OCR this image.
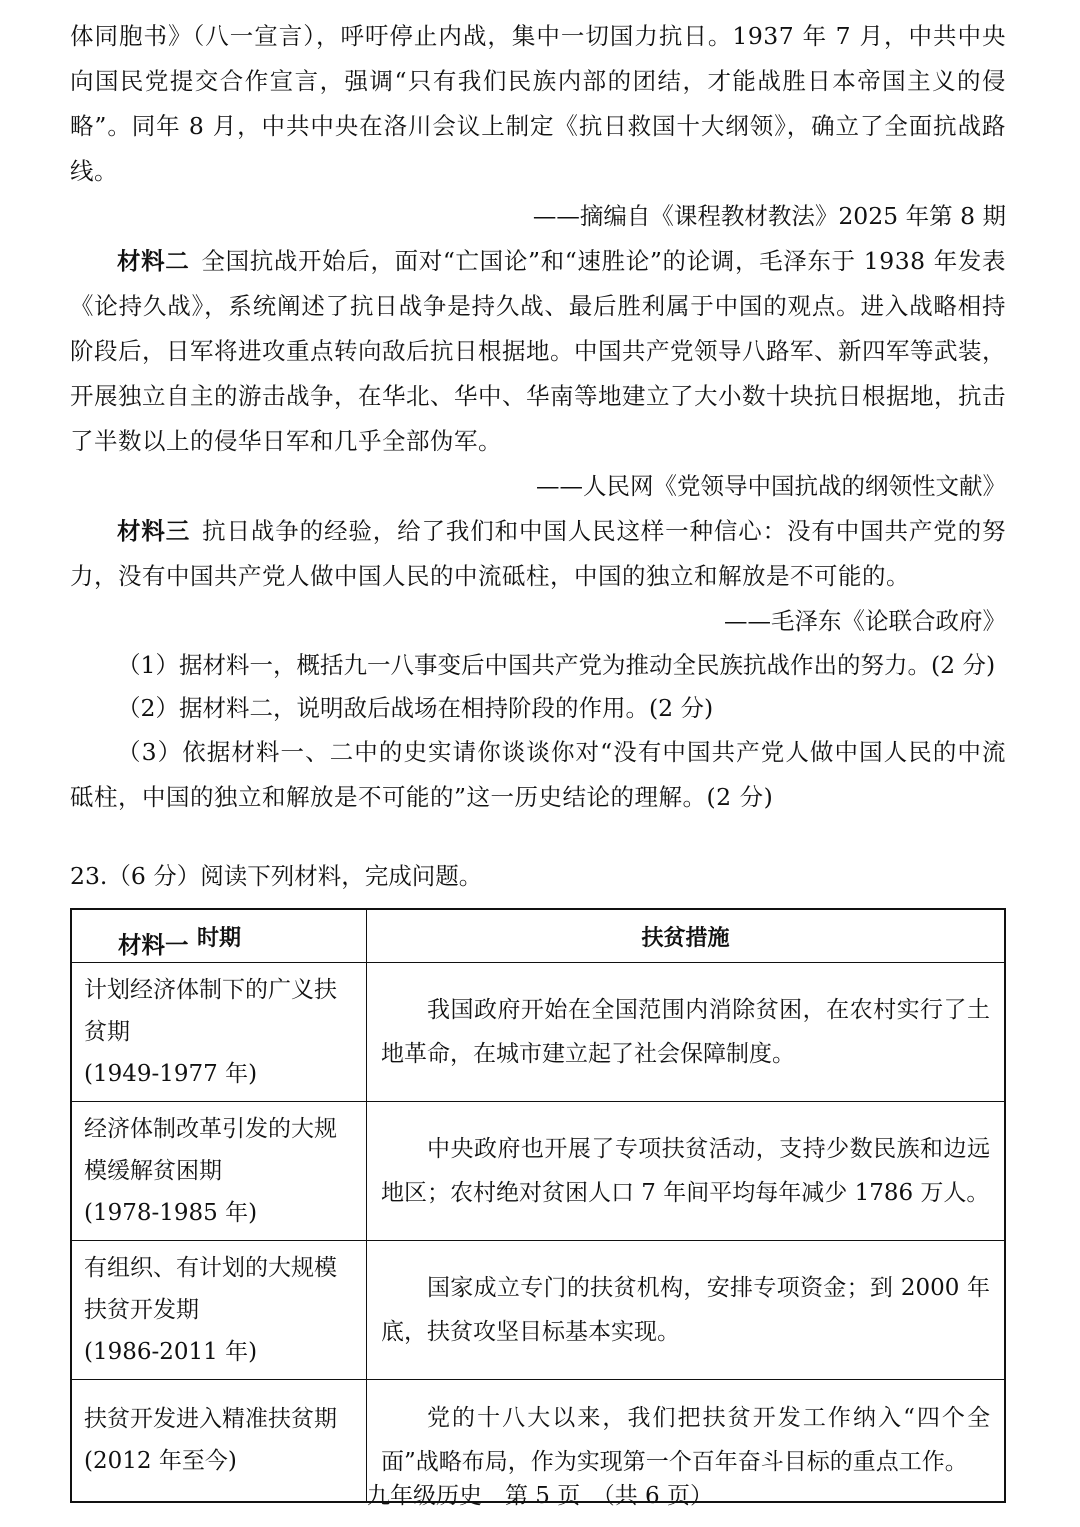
体同胞书》（八一宣言），呼吁停止内战，集中一切国力抗日。1937 年 7 月，中共中央向国民党提交合作宣言，强调“只有我们民族内部的团结，才能战胜日本帝国主义的侵略”。同年 8 月，中共中央在洛川会议上制定《抗日救国十大纲领》，确立了全面抗战路线。

——摘编自《课程教材教法》2025 年第 8 期

材料二 全国抗战开始后，面对“亡国论”和“速胜论”的论调，毛泽东于 1938 年发表《论持久战》，系统阐述了抗日战争是持久战、最后胜利属于中国的观点。进入战略相持阶段后，日军将进攻重点转向敌后抗日根据地。中国共产党领导八路军、新四军等武装，开展独立自主的游击战争，在华北、华中、华南等地建立了大小数十块抗日根据地，抗击了半数以上的侵华日军和几乎全部伪军。

——人民网《党领导中国抗战的纲领性文献》

材料三 抗日战争的经验，给了我们和中国人民这样一种信心：没有中国共产党的努力，没有中国共产党人做中国人民的中流砥柱，中国的独立和解放是不可能的。

——毛泽东《论联合政府》

（1）据材料一，概括九一八事变后中国共产党为推动全民族抗战作出的努力。(2 分)

（2）据材料二，说明敌后战场在相持阶段的作用。(2 分)

（3）依据材料一、二中的史实请你谈谈你对“没有中国共产党人做中国人民的中流砥柱，中国的独立和解放是不可能的”这一历史结论的理解。(2 分)

23.（6 分）阅读下列材料，完成问题。

材料一 时期	扶贫措施

计划经济体制下的广义扶贫期
(1949-1977 年)	我国政府开始在全国范围内消除贫困，在农村实行了土地革命，在城市建立起了社会保障制度。

经济体制改革引发的大规模缓解贫困期
(1978-1985 年)	中央政府也开展了专项扶贫活动，支持少数民族和边远地区；农村绝对贫困人口 7 年间平均每年减少 1786 万人。

有组织、有计划的大规模扶贫开发期
(1986-2011 年)	国家成立专门的扶贫机构，安排专项资金；到 2000 年底，扶贫攻坚目标基本实现。

扶贫开发进入精准扶贫期
(2012 年至今)	党的十八大以来，我们把扶贫开发工作纳入“四个全面”战略布局，作为实现第一个百年奋斗目标的重点工作。
九年级历史　第 5 页　（共 6 页）
